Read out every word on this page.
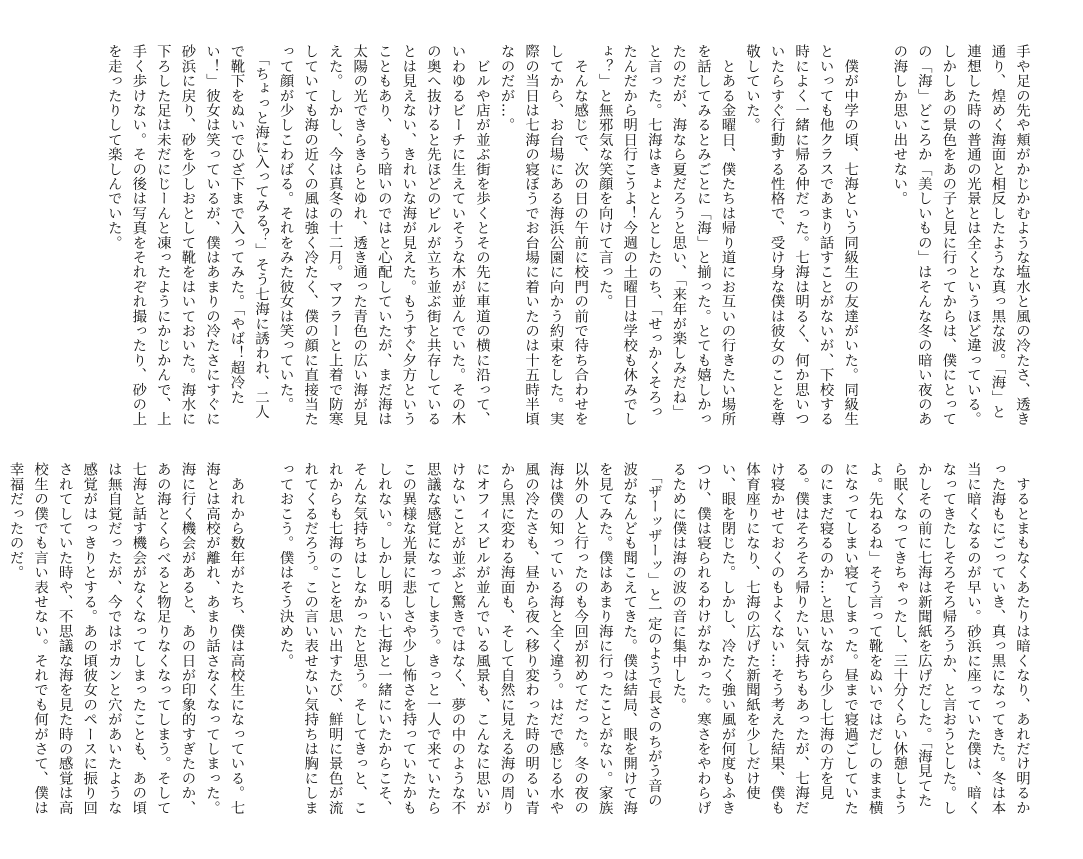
手や足の先や頬がかじかむような塩水と風の冷たさ、透き通り、煌めく海面と相反したような真っ黒な波。「海」と連想した時の普通の光景とは全くというほど違っている。しかしあの景色をあの子と見に行ってからは、僕にとっての「海」どころか「美しいもの」はそんな冬の暗い夜のあの海しか思い出せない。

　僕が中学の頃、七海という同級生の友達がいた。同級生といっても他クラスであまり話すことがないが、下校する時によく一緒に帰る仲だった。七海は明るく、何か思いついたらすぐ行動する性格で、受け身な僕は彼女のことを尊敬していた。

　とある金曜日、僕たちは帰り道にお互いの行きたい場所を話してみるとみごとに「海」と揃った。とても嬉しかったのだが、海なら夏だろうと思い、「来年が楽しみだね」と言った。七海はきょとんとしたのち、「せっかくそろったんだから明日行こうよ！今週の土曜日は学校も休みでしょ？」と無邪気な笑顔を向けて言った。

　そんな感じで、次の日の午前に校門の前で待ち合わせをしてから、お台場にある海浜公園に向かう約束をした。実際の当日は七海の寝ぼうでお台場に着いたのは十五時半頃なのだが…。

　ビルや店が並ぶ街を歩くとその先に車道の横に沿って、いわゆるビーチに生えていそうな木が並んでいた。その木の奥へ抜けると先ほどのビルが立ち並ぶ街と共存しているとは見えない、きれいな海が見えた。もうすぐ夕方ということもあり、もう暗いのではと心配していたが、まだ海は太陽の光できらきらとゆれ、透き通った青色の広い海が見えた。しかし、今は真冬の十二月。マフラーと上着で防寒していても海の近くの風は強く冷たく、僕の顔に直接当たって顔が少しこわばる。それをみた彼女は笑っていた。

　「ちょっと海に入ってみる？」そう七海に誘われ、二人で靴下をぬいでひざ下まで入ってみた。「やば！超冷たい！」彼女は笑っているが、僕はあまりの冷たさにすぐに砂浜に戻り、砂を少しおとして靴をはいておいた。海水に下ろした足は未だにじーんと凍ったようにかじかんで、上手く歩けない。その後は写真をそれぞれ撮ったり、砂の上を走ったりして楽しんでいた。

　するとまもなくあたりは暗くなり、あれだけ明るかった海もにごっていき、真っ黒になってきた。冬は本当に暗くなるのが早い。砂浜に座っていた僕は、暗くなってきたしそろそろ帰ろうか、と言おうとした。しかしその前に七海は新聞紙を広げだした。「海見てたら眠くなってきちゃったし、三十分くらい休憩しようよ。先ねるね」そう言って靴をぬいではだしのまま横になってしまい寝てしまった。昼まで寝過ごしていたのにまだ寝るのか…と思いながら少し七海の方を見る。僕はそろそろ帰りたい気持ちもあったが、七海だけ寝かせておくのもよくない…そう考えた結果、僕も体育座りになり、七海の広げた新聞紙を少しだけ使い、眼を閉じた。しかし、冷たく強い風が何度もふきつけ、僕は寝られるわけがなかった。寒さをやわらげるために僕は海の波の音に集中した。

　「ザーッザーッ」と一定のようで長さのちがう音の波がなんども聞こえてきた。僕は結局、眼を開けて海を見てみた。僕はあまり海に行ったことがない。家族以外の人と行ったのも今回が初めてだった。冬の夜の海は僕の知っている海と全く違う。はだで感じる水や風の冷たさも、昼から夜へ移り変わった時の明るい青から黒に変わる海面も、そして自然に見える海の周りにオフィスビルが並んでいる風景も、こんなに思いがけないことが並ぶと驚きではなく、夢の中のような不思議な感覚になってしまう。きっと一人で来ていたらこの異様な光景に悲しさや少し怖さを持っていたかもしれない。しかし明るい七海と一緒にいたからこそ、そんな気持ちはしなかったと思う。そしてきっと、これからも七海のことを思い出すたび、鮮明に景色が流れてくるだろう。この言い表せない気持ちは胸にしまっておこう。僕はそう決めた。

　あれから数年がたち、僕は高校生になっている。七海とは高校が離れ、あまり話さなくなってしまった。海に行く機会があると、あの日が印象的すぎたのか、あの海とくらべると物足りなくなってしまう。そして七海と話す機会がなくなってしまったことも、あの頃は無自覚だったが、今ではポカンと穴があいたような感覚がはっきりとする。あの頃彼女のペースに振り回されてしていた時や、不思議な海を見た時の感覚は高校生の僕でも言い表せない。それでも何がさて、僕は幸福だったのだ。
